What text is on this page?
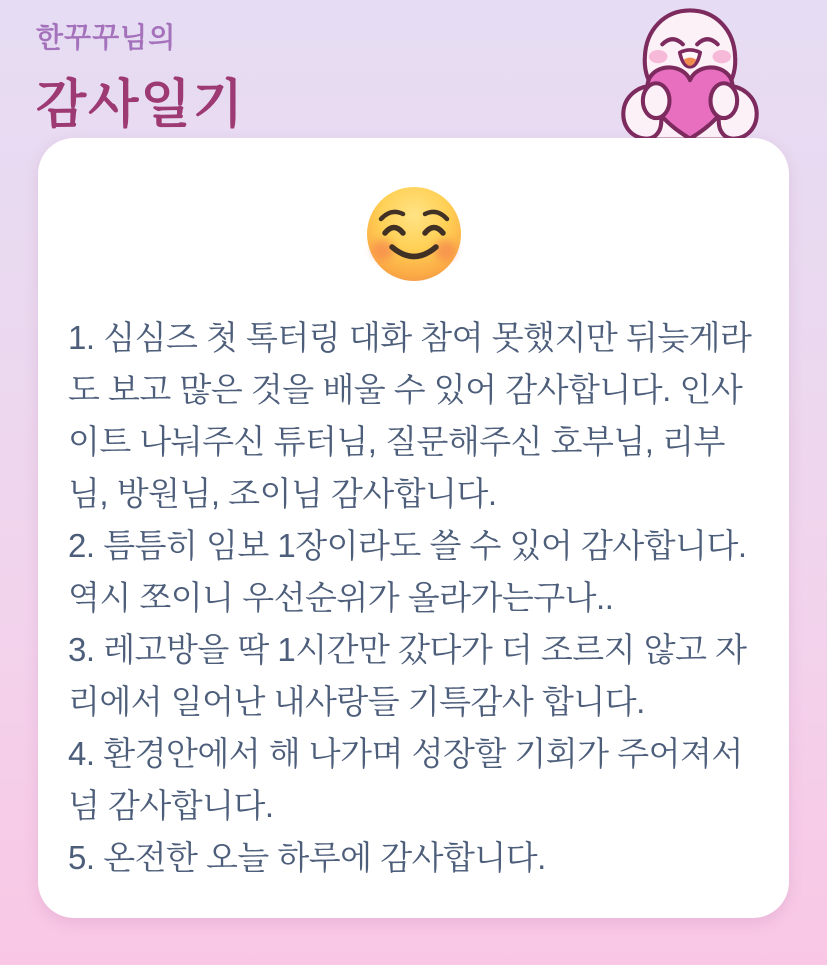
한꾸꾸님의

감사일기

1. 심심즈 첫 톡터링 대화 참여 못했지만 뒤늦게라도 보고 많은 것을 배울 수 있어 감사합니다. 인사이트 나눠주신 튜터님, 질문해주신 호부님, 리부님, 방원님, 조이님 감사합니다.

2. 틈틈히 임보 1장이라도 쓸 수 있어 감사합니다. 역시 쪼이니 우선순위가 올라가는구나..

3. 레고방을 딱 1시간만 갔다가 더 조르지 않고 자리에서 일어난 내사랑들 기특감사 합니다.

4. 환경안에서 해 나가며 성장할 기회가 주어져서 넘 감사합니다.

5. 온전한 오늘 하루에 감사합니다.
